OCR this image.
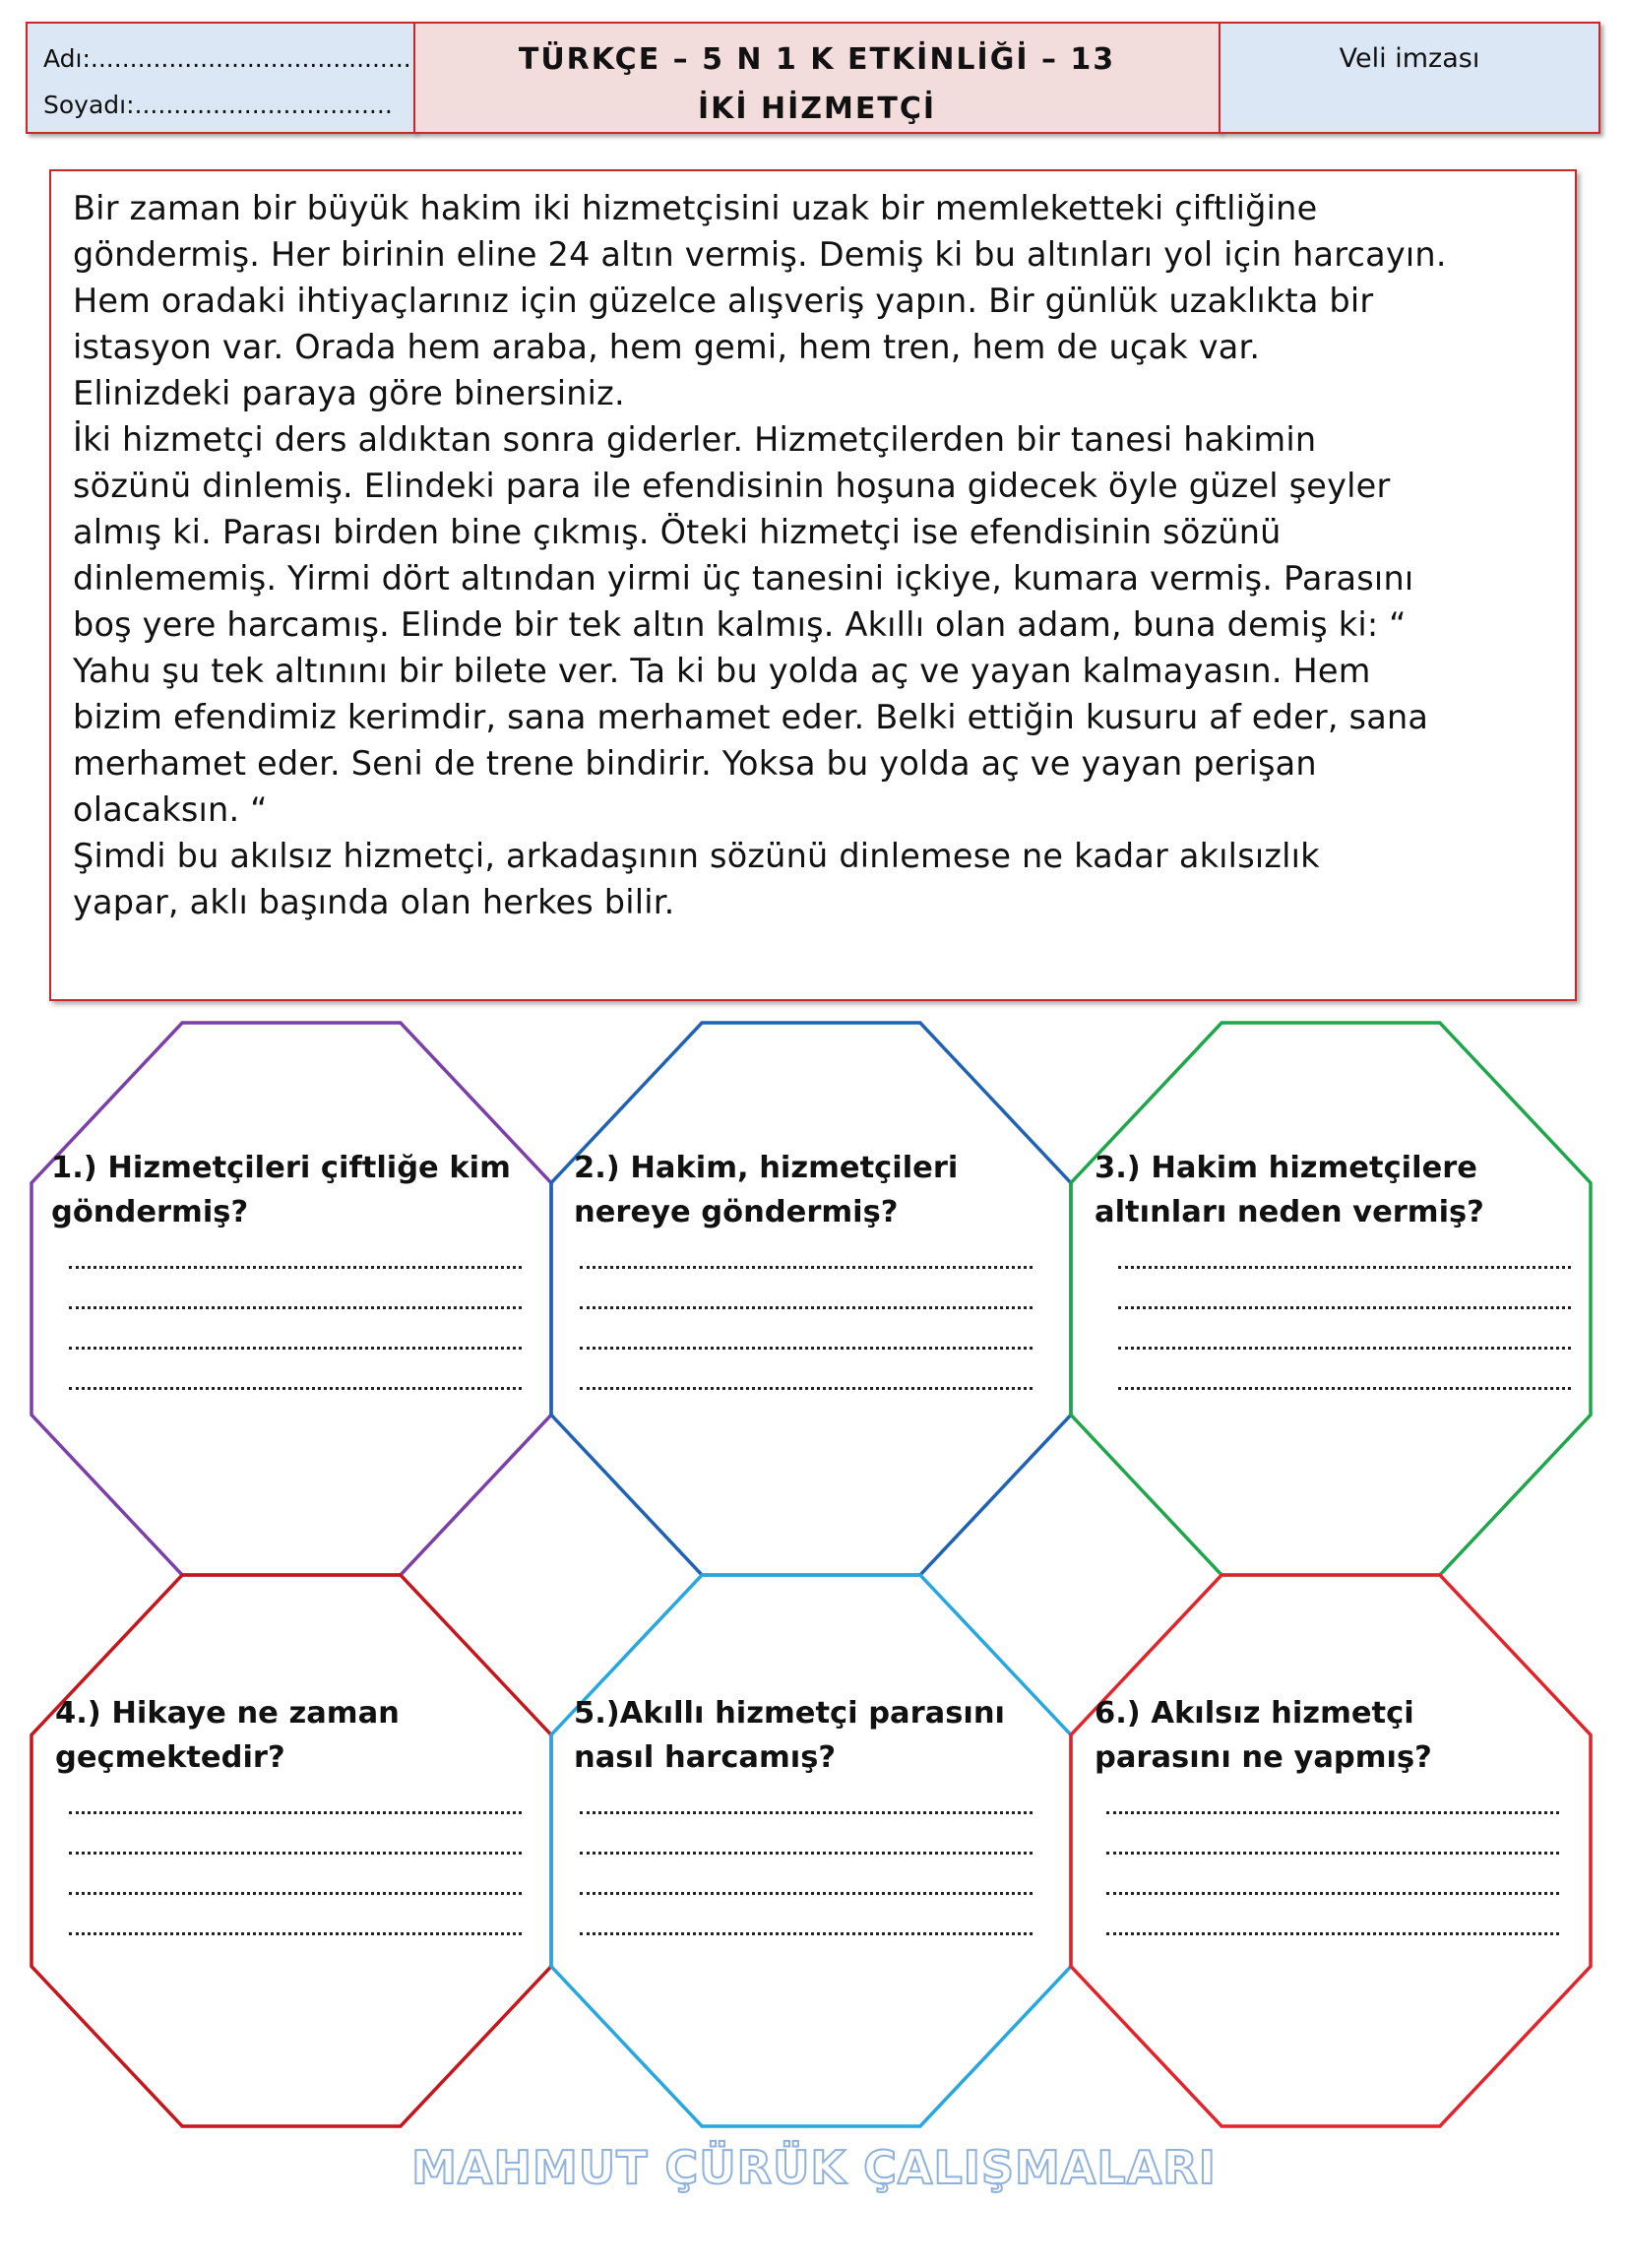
Adı:.........................................
Soyadı:.................................
TÜRKÇE – 5 N 1 K ETKİNLİĞİ – 13
İKİ HİZMETÇİ
Veli imzası

Bir zaman bir büyük hakim iki hizmetçisini uzak bir memleketteki çiftliğine
göndermiş. Her birinin eline 24 altın vermiş. Demiş ki bu altınları yol için harcayın.
Hem oradaki ihtiyaçlarınız için güzelce alışveriş yapın. Bir günlük uzaklıkta bir
istasyon var. Orada hem araba, hem gemi, hem tren, hem de uçak var.
Elinizdeki paraya göre binersiniz.

İki hizmetçi ders aldıktan sonra giderler. Hizmetçilerden bir tanesi hakimin
sözünü dinlemiş. Elindeki para ile efendisinin hoşuna gidecek öyle güzel şeyler
almış ki. Parası birden bine çıkmış. Öteki hizmetçi ise efendisinin sözünü
dinlememiş. Yirmi dört altından yirmi üç tanesini içkiye, kumara vermiş. Parasını
boş yere harcamış. Elinde bir tek altın kalmış. Akıllı olan adam, buna demiş ki: “
Yahu şu tek altınını bir bilete ver. Ta ki bu yolda aç ve yayan kalmayasın. Hem
bizim efendimiz kerimdir, sana merhamet eder. Belki ettiğin kusuru af eder, sana
merhamet eder. Seni de trene bindirir. Yoksa bu yolda aç ve yayan perişan
olacaksın. “

Şimdi bu akılsız hizmetçi, arkadaşının sözünü dinlemese ne kadar akılsızlık
yapar, aklı başında olan herkes bilir.

1.) Hizmetçileri çiftliğe kim göndermiş?
2.) Hakim, hizmetçileri nereye göndermiş?
3.) Hakim hizmetçilere altınları neden vermiş?
4.) Hikaye ne zaman geçmektedir?
5.)Akıllı hizmetçi parasını nasıl harcamış?
6.) Akılsız hizmetçi parasını ne yapmış?
MAHMUT ÇÜRÜK ÇALIŞMALARI
